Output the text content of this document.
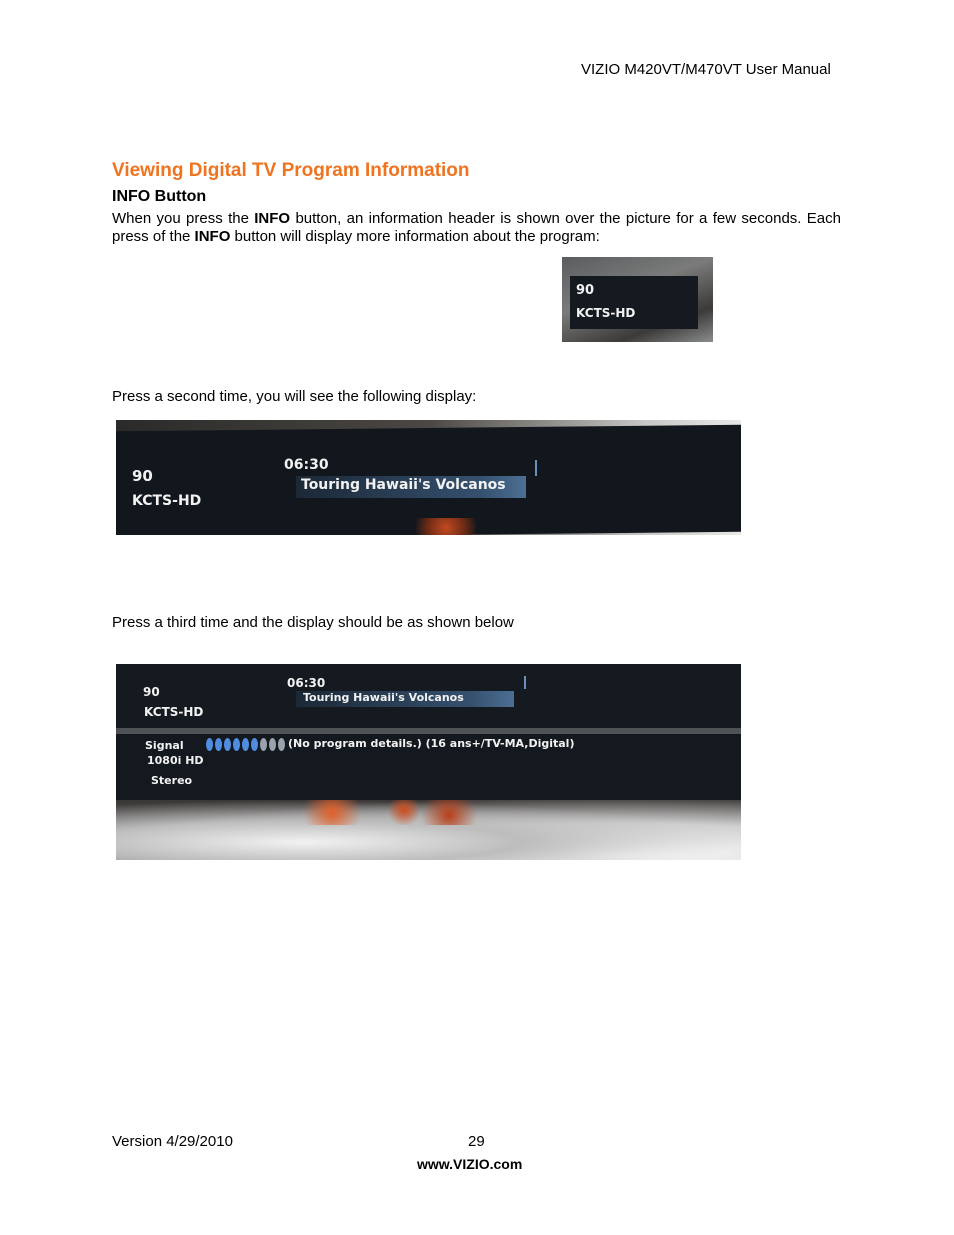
VIZIO M420VT/M470VT User Manual
Viewing Digital TV Program Information
INFO Button
When you press the INFO button, an information header is shown over the picture for a few seconds. Each press of the INFO button will display more information about the program:
90
KCTS-HD
Press a second time, you will see the following display:
90
KCTS-HD
06:30
Touring Hawaii's Volcanos
Press a third time and the display should be as shown below
90
KCTS-HD
06:30
Touring Hawaii's Volcanos
Signal	(No program details.) (16 ans+/TV-MA,Digital)
1080i HD
Stereo
Version 4/29/2010	29
www.VIZIO.com
